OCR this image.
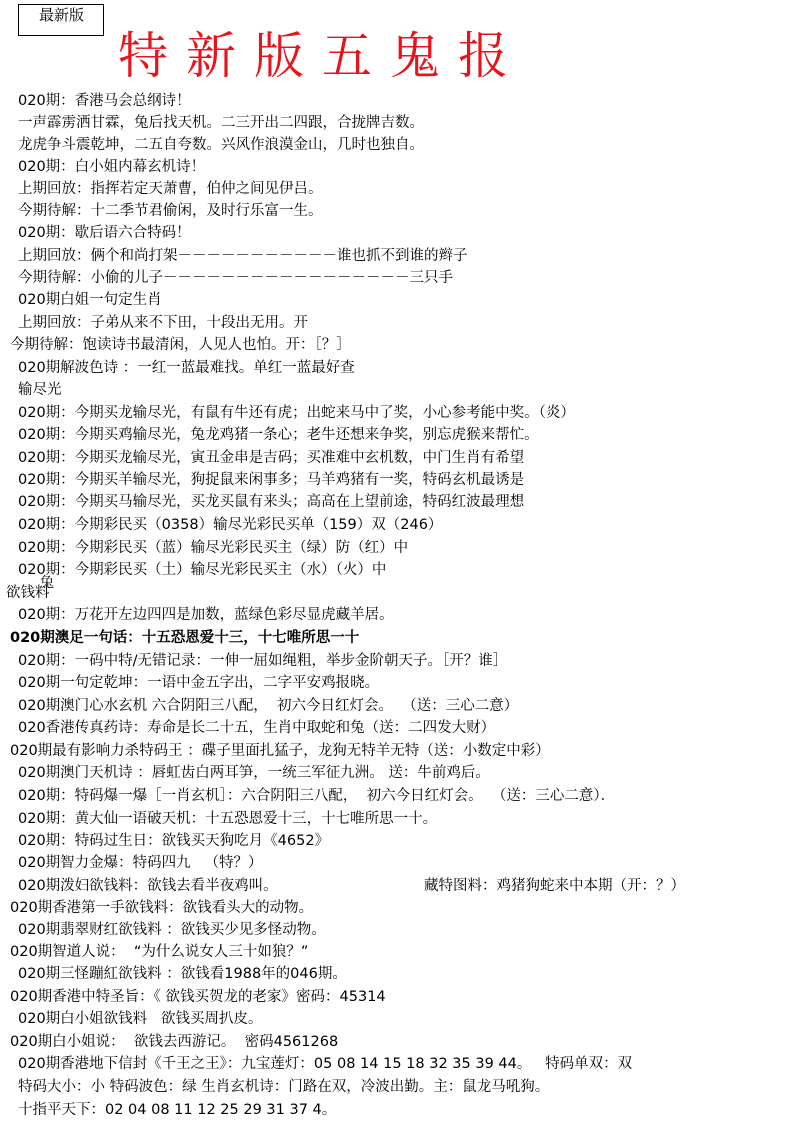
最新版
特新版五鬼报
020期：香港马会总纲诗！
一声霹雳洒甘霖，兔后找天机。二三开出二四跟，合拢牌吉数。
龙虎争斗震乾坤，二五自夸数。兴风作浪漠金山，几时也独自。
020期：白小姐内幕玄机诗！
上期回放：指挥若定天萧曹，伯仲之间见伊吕。
今期待解：十二季节君偷闲，及时行乐富一生。
020期：歇后语六合特码！
上期回放：俩个和尚打架－－－－－－－－－－－谁也抓不到谁的辫子
今期待解：小偷的儿子－－－－－－－－－－－－－－－－－三只手
020期白姐一句定生肖
上期回放：子弟从来不下田，十段出无用。开
今期待解：饱读诗书最清闲，人见人也怕。开：［？］
020期解波色诗 ：一红一蓝最难找。单红一蓝最好查
输尽光
020期：今期买龙输尽光，有鼠有牛还有虎；出蛇来马中了奖，小心参考能中奖。（炎）
020期：今期买鸡输尽光，兔龙鸡猪一条心；老牛还想来争奖，别忘虎猴来帮忙。
020期：今期买龙输尽光，寅丑金串是吉码；买准难中玄机数，中门生肖有希望
020期：今期买羊输尽光，狗捉鼠来闲事多；马羊鸡猪有一奖，特码玄机最诱是
020期：今期买马输尽光，买龙买鼠有来头；高高在上望前途，特码红波最理想
020期：今期彩民买（0358）输尽光彩民买单（159）双（246）
020期：今期彩民买（蓝）输尽光彩民买主（绿）防（红）中
020期：今期彩民买（土）输尽光彩民买主（水）（火）中
兔
欲钱料
020期：万花开左边四四是加数，蓝绿色彩尽显虎藏羊居。
020期澳足一句话：十五恐恩爱十三，十七唯所思一十
020期：一码中特/无错记录：一伸一屈如绳粗，举步金阶朝天子。［开？谁］
020期一句定乾坤：一语中金五字出，二字平安鸡报晓。
020期澳门心水玄机 六合阴阳三八配，  初六今日红灯会。  （送：三心二意）
020香港传真药诗：寿命是长二十五，生肖中取蛇和兔（送：二四发大财）
020期最有影响力杀特码王 ：碟子里面扎猛子，龙狗无特羊无特（送：小数定中彩）
020期澳门天机诗 ：唇虹齿白两耳笋，一统三军征九洲。 送：牛前鸡后。
020期：特码爆一爆［一肖玄机］：六合阴阳三八配，  初六今日红灯会。  （送：三心二意）．
020期：黄大仙一语破天机：十五恐恩爱十三，十七唯所思一十。
020期：特码过生日：欲钱买天狗吃月《4652》
020期智力金爆：特码四九   （特？）
020期泼妇欲钱料：欲钱去看半夜鸡叫。	藏特图料：鸡猪狗蛇来中本期（开：？）
020期香港第一手欲钱料：欲钱看头大的动物。
020期翡翠财红欲钱料 ：欲钱买少见多怪动物。
020期智道人说：  “为什么说女人三十如狼？”
020期三怪蹦紅欲钱料 ：欲钱看1988年的046期。
020期香港中特圣旨：《 欲钱买贺龙的老家》密码：45314
020期白小姐欲钱料   欲钱买周扒皮。
020期白小姐说：  欲钱去西游记。  密码4561268
020期香港地下信封《千王之王》：九宝莲灯：05 08 14 15 18 32 35 39 44。   特码单双：双
特码大小：小 特码波色：绿 生肖玄机诗：门路在双，冷波出勤。主：鼠龙马吼狗。
十指平天下：02 04 08 11 12 25 29 31 37 4。
